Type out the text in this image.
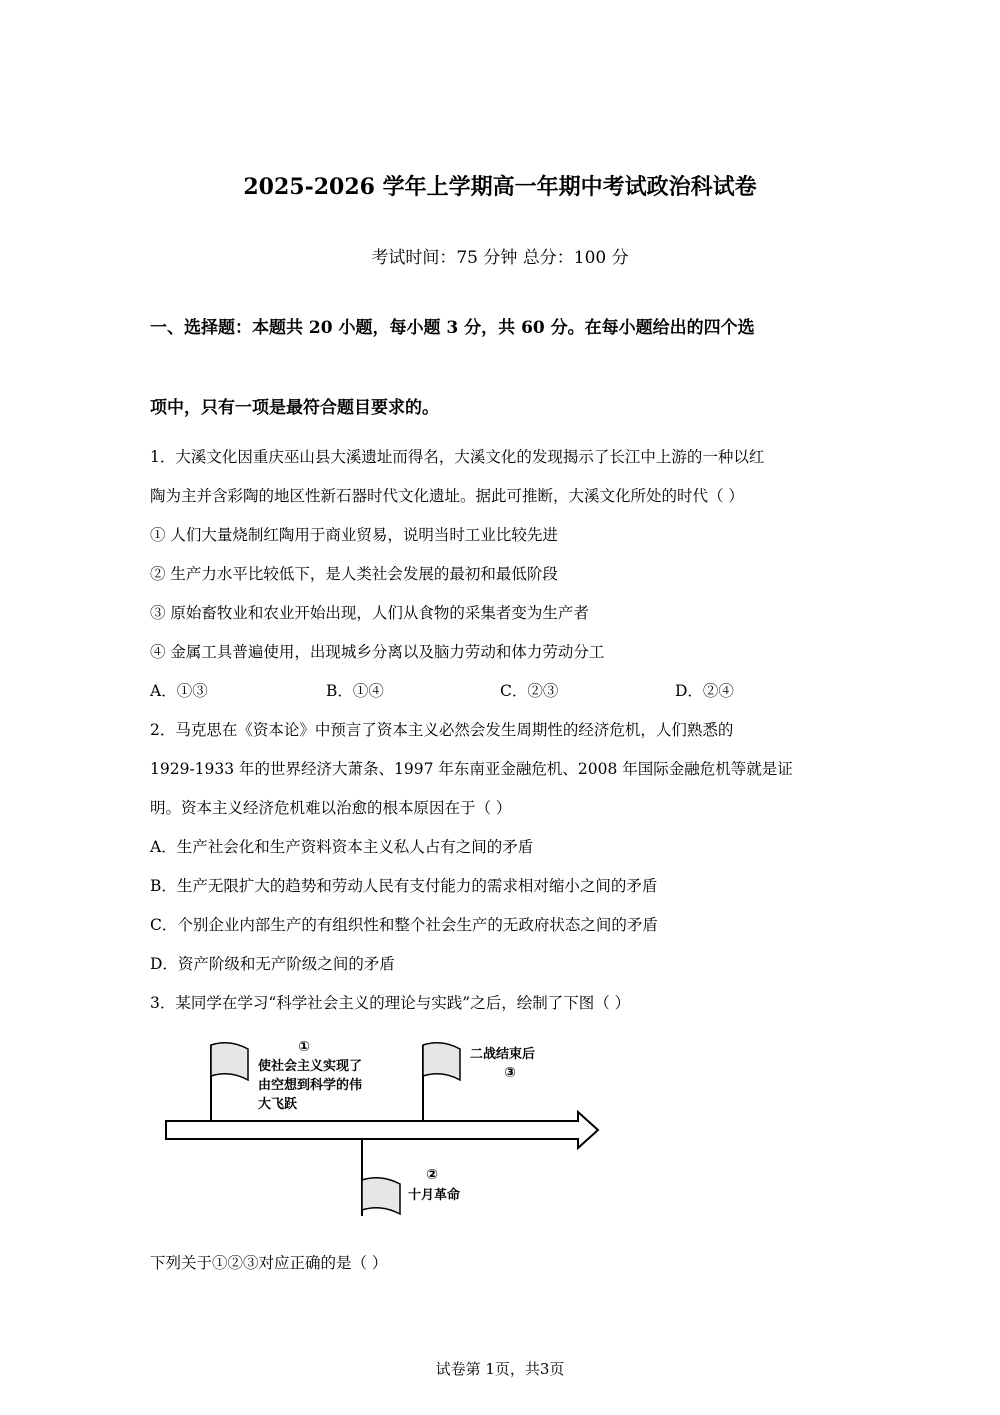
2025-2026 学年上学期高一年期中考试政治科试卷
考试时间：75 分钟 总分：100 分
一、选择题：本题共 20 小题，每小题 3 分，共 60 分。在每小题给出的四个选
项中，只有一项是最符合题目要求的。
1．大溪文化因重庆巫山县大溪遗址而得名，大溪文化的发现揭示了长江中上游的一种以红
陶为主并含彩陶的地区性新石器时代文化遗址。据此可推断，大溪文化所处的时代（ ）
① 人们大量烧制红陶用于商业贸易，说明当时工业比较先进
② 生产力水平比较低下，是人类社会发展的最初和最低阶段
③ 原始畜牧业和农业开始出现，人们从食物的采集者变为生产者
④ 金属工具普遍使用，出现城乡分离以及脑力劳动和体力劳动分工
A．①③	B．①④	C．②③	D．②④
2．马克思在《资本论》中预言了资本主义必然会发生周期性的经济危机，人们熟悉的
1929-1933 年的世界经济大萧条、1997 年东南亚金融危机、2008 年国际金融危机等就是证
明。资本主义经济危机难以治愈的根本原因在于（ ）
A．生产社会化和生产资料资本主义私人占有之间的矛盾
B．生产无限扩大的趋势和劳动人民有支付能力的需求相对缩小之间的矛盾
C．个别企业内部生产的有组织性和整个社会生产的无政府状态之间的矛盾
D．资产阶级和无产阶级之间的矛盾
3．某同学在学习“科学社会主义的理论与实践”之后，绘制了下图（ ）
①
使社会主义实现了
由空想到科学的伟
大飞跃
二战结束后
③
②
十月革命
下列关于①②③对应正确的是（ ）
试卷第 1页，共3页
